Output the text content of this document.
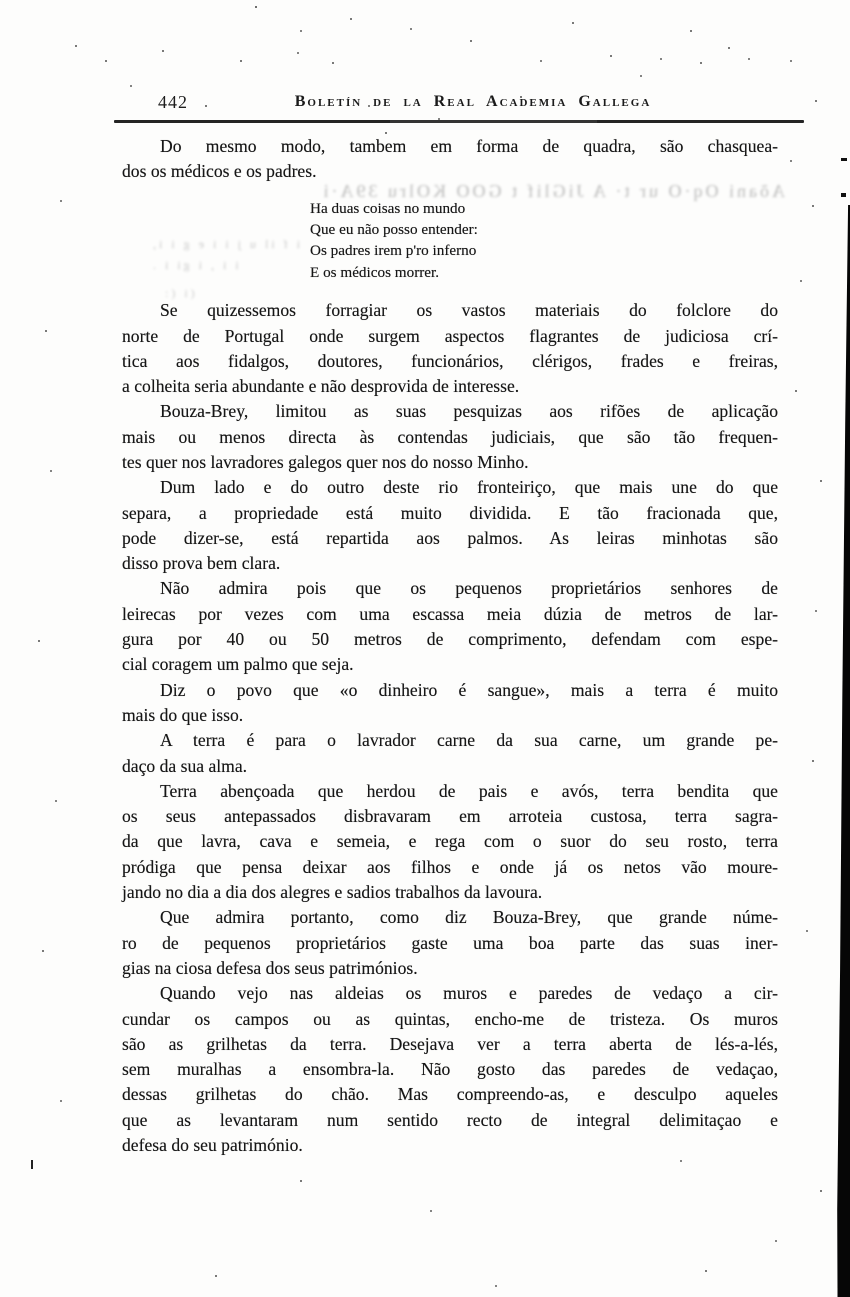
442	Boletín de la Real Academia Gallega
Do mesmo modo, tambem em forma de quadra, são chasquea-
dos os médicos e os padres.
Ha duas coisas no mundo
Que eu não posso entender:
Os padres irem p'ro inferno
E os médicos morrer.
Se quizessemos forragiar os vastos materiais do folclore do
norte de Portugal onde surgem aspectos flagrantes de judiciosa crí-
tica aos fidalgos, doutores, funcionários, clérigos, frades e freiras,
a colheita seria abundante e não desprovida de interesse.
Bouza-Brey, limitou as suas pesquizas aos rifões de aplicação
mais ou menos directa às contendas judiciais, que são tão frequen-
tes quer nos lavradores galegos quer nos do nosso Minho.
Dum lado e do outro deste rio fronteiriço, que mais une do que
separa, a propriedade está muito dividida. E tão fracionada que,
pode dizer-se, está repartida aos palmos. As leiras minhotas são
disso prova bem clara.
Não admira pois que os pequenos proprietários senhores de
leirecas por vezes com uma escassa meia dúzia de metros de lar-
gura por 40 ou 50 metros de comprimento, defendam com espe-
cial coragem um palmo que seja.
Diz o povo que «o dinheiro é sangue», mais a terra é muito
mais do que isso.
A terra é para o lavrador carne da sua carne, um grande pe-
daço da sua alma.
Terra abençoada que herdou de pais e avós, terra bendita que
os seus antepassados disbravaram em arroteia custosa, terra sagra-
da que lavra, cava e semeia, e rega com o suor do seu rosto, terra
pródiga que pensa deixar aos filhos e onde já os netos vão moure-
jando no dia a dia dos alegres e sadios trabalhos da lavoura.
Que admira portanto, como diz Bouza-Brey, que grande núme-
ro de pequenos proprietários gaste uma boa parte das suas iner-
gias na ciosa defesa dos seus patrimónios.
Quando vejo nas aldeias os muros e paredes de vedaço a cir-
cundar os campos ou as quintas, encho-me de tristeza. Os muros
são as grilhetas da terra. Desejava ver a terra aberta de lés-a-lés,
sem muralhas a ensombra-la. Não gosto das paredes de vedaçao,
dessas grilhetas do chão. Mas compreendo-as, e desculpo aqueles
que as levantaram num sentido recto de integral delimitaçao e
defesa do seu património.
Aõani Oq·O ur t· A JiGlif t GOO KOlru 39A·i
i f il u j i i e g i i,
i i , i gi i .
(i (:
